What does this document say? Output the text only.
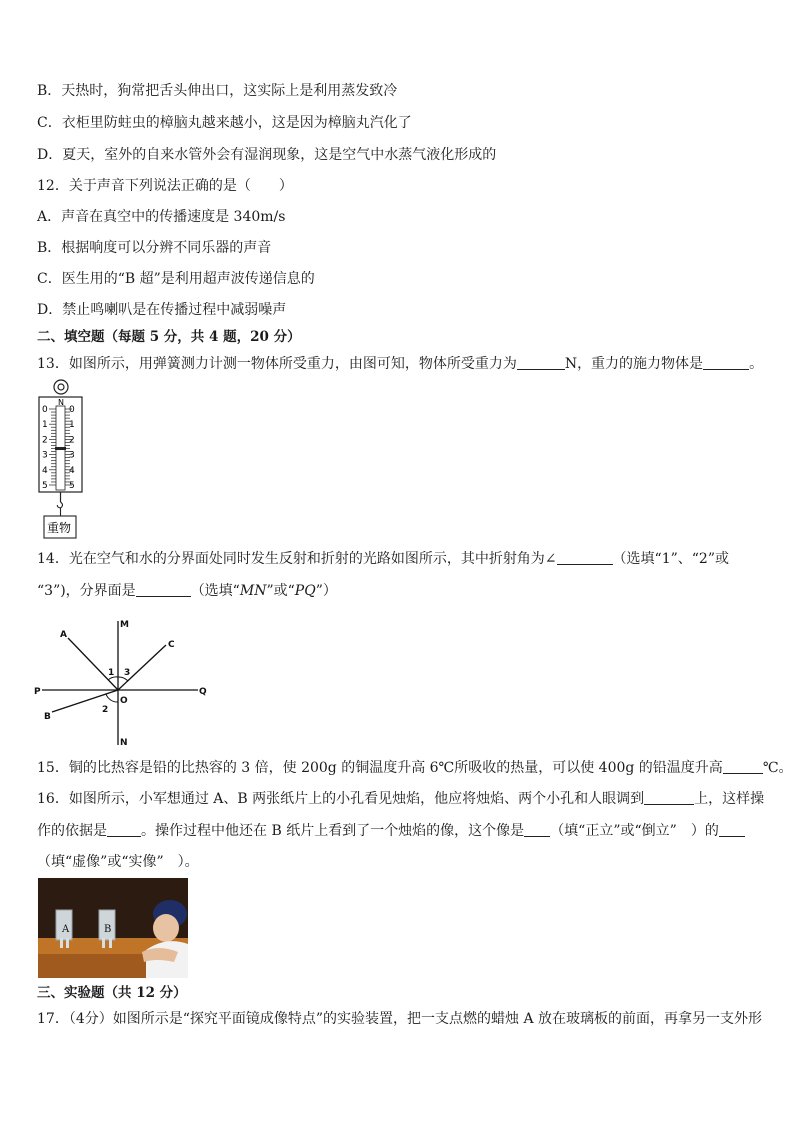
B．天热时，狗常把舌头伸出口，这实际上是利用蒸发致冷
C．衣柜里防蛀虫的樟脑丸越来越小，这是因为樟脑丸汽化了
D．夏天，室外的自来水管外会有湿润现象，这是空气中水蒸气液化形成的
12．关于声音下列说法正确的是（　　）
A．声音在真空中的传播速度是 340m/s
B．根据响度可以分辨不同乐器的声音
C．医生用的“B 超”是利用超声波传递信息的
D．禁止鸣喇叭是在传播过程中减弱噪声
二、填空题（每题 5 分，共 4 题，20 分）
13．如图所示，用弹簧测力计测一物体所受重力，由图可知，物体所受重力为	N，重力的施力物体是	。
N
0 0
1 1
2 2
3 3
4 4
5 5
重物
14．光在空气和水的分界面处同时发生反射和折射的光路如图所示，其中折射角为∠	（选填“1”、“2”或
“3”)，分界面是	（选填“MN”或“PQ”）
A
C
B
M
N
P	Q
O
1 3
2
15．铜的比热容是铅的比热容的 3 倍，使 200g 的铜温度升高 6℃所吸收的热量，可以使 400g 的铅温度升高	℃。
16．如图所示，小军想通过 A、B 两张纸片上的小孔看见烛焰，他应将烛焰、两个小孔和人眼调到	上，这样操
作的依据是 。操作过程中他还在 B 纸片上看到了一个烛焰的像，这个像是 （填“正立”或“倒立”　）的
（填“虚像”或“实像”　）。
A	B
三、实验题（共 12 分）
17．（4分）如图所示是“探究平面镜成像特点”的实验装置，把一支点燃的蜡烛 A 放在玻璃板的前面，再拿另一支外形
